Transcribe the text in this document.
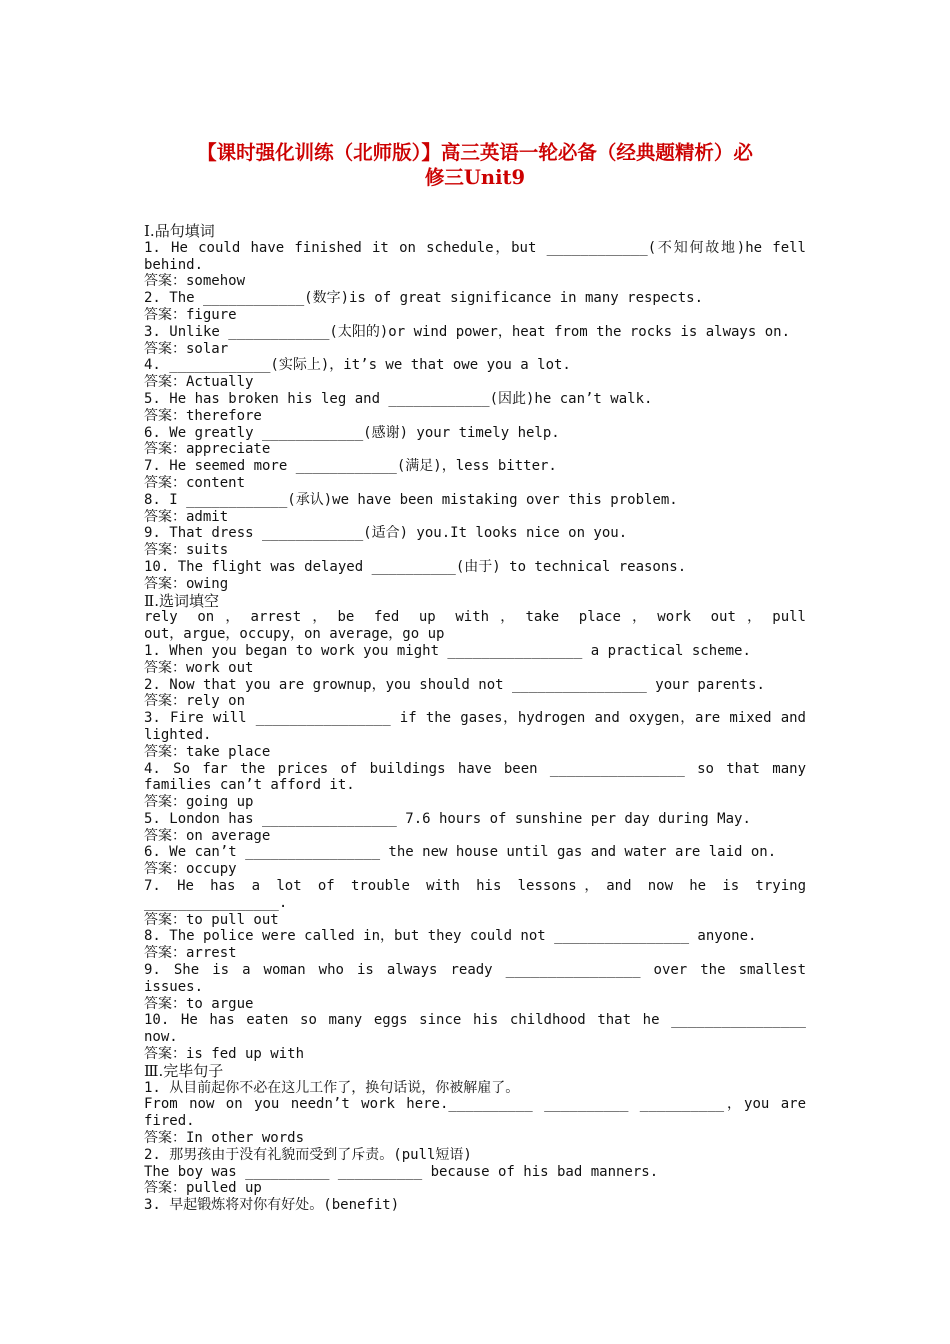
【课时强化训练（北师版）】高三英语一轮必备（经典题精析）必
修三Unit9
Ⅰ.品句填词
1. He could have finished it on schedule，but ____________(不知何故地)he fell
behind.
答案：somehow
2. The ____________(数字)is of great significance in many respects.
答案：figure
3. Unlike ____________(太阳的)or wind power，heat from the rocks is always on.
答案：solar
4. ____________(实际上)，it’s we that owe you a lot.
答案：Actually
5. He has broken his leg and ____________(因此)he can’t walk.
答案：therefore
6. We greatly ____________(感谢) your timely help.
答案：appreciate
7. He seemed more ____________(满足)，less bitter.
答案：content
8. I ____________(承认)we have been mistaking over this problem.
答案：admit
9. That dress ____________(适合) you.It looks nice on you.
答案：suits
10. The flight was delayed __________(由于) to technical reasons.
答案：owing
Ⅱ.选词填空
rely on，arrest，be fed up with，take place，work out，pull
out，argue，occupy，on average，go up
1. When you began to work you might ________________ a practical scheme.
答案：work out
2. Now that you are grownup，you should not ________________ your parents.
答案：rely on
3. Fire will ________________ if the gases，hydrogen and oxygen，are mixed and
lighted.
答案：take place
4. So far the prices of buildings have been ________________ so that many
families can’t afford it.
答案：going up
5. London has ________________ 7.6 hours of sunshine per day during May.
答案：on average
6. We can’t ________________ the new house until gas and water are laid on.
答案：occupy
7. He has a lot of trouble with his lessons，and now he is trying
________________.
答案：to pull out
8. The police were called in，but they could not ________________ anyone.
答案：arrest
9. She is a woman who is always ready ________________ over the smallest
issues.
答案：to argue
10. He has eaten so many eggs since his childhood that he ________________
now.
答案：is fed up with
Ⅲ.完毕句子
1. 从目前起你不必在这儿工作了，换句话说，你被解雇了。
From now on you needn’t work here.__________ __________ __________，you are
fired.
答案：In other words
2. 那男孩由于没有礼貌而受到了斥责。(pull短语)
The boy was __________ __________ because of his bad manners.
答案：pulled up
3. 早起锻炼将对你有好处。(benefit)
